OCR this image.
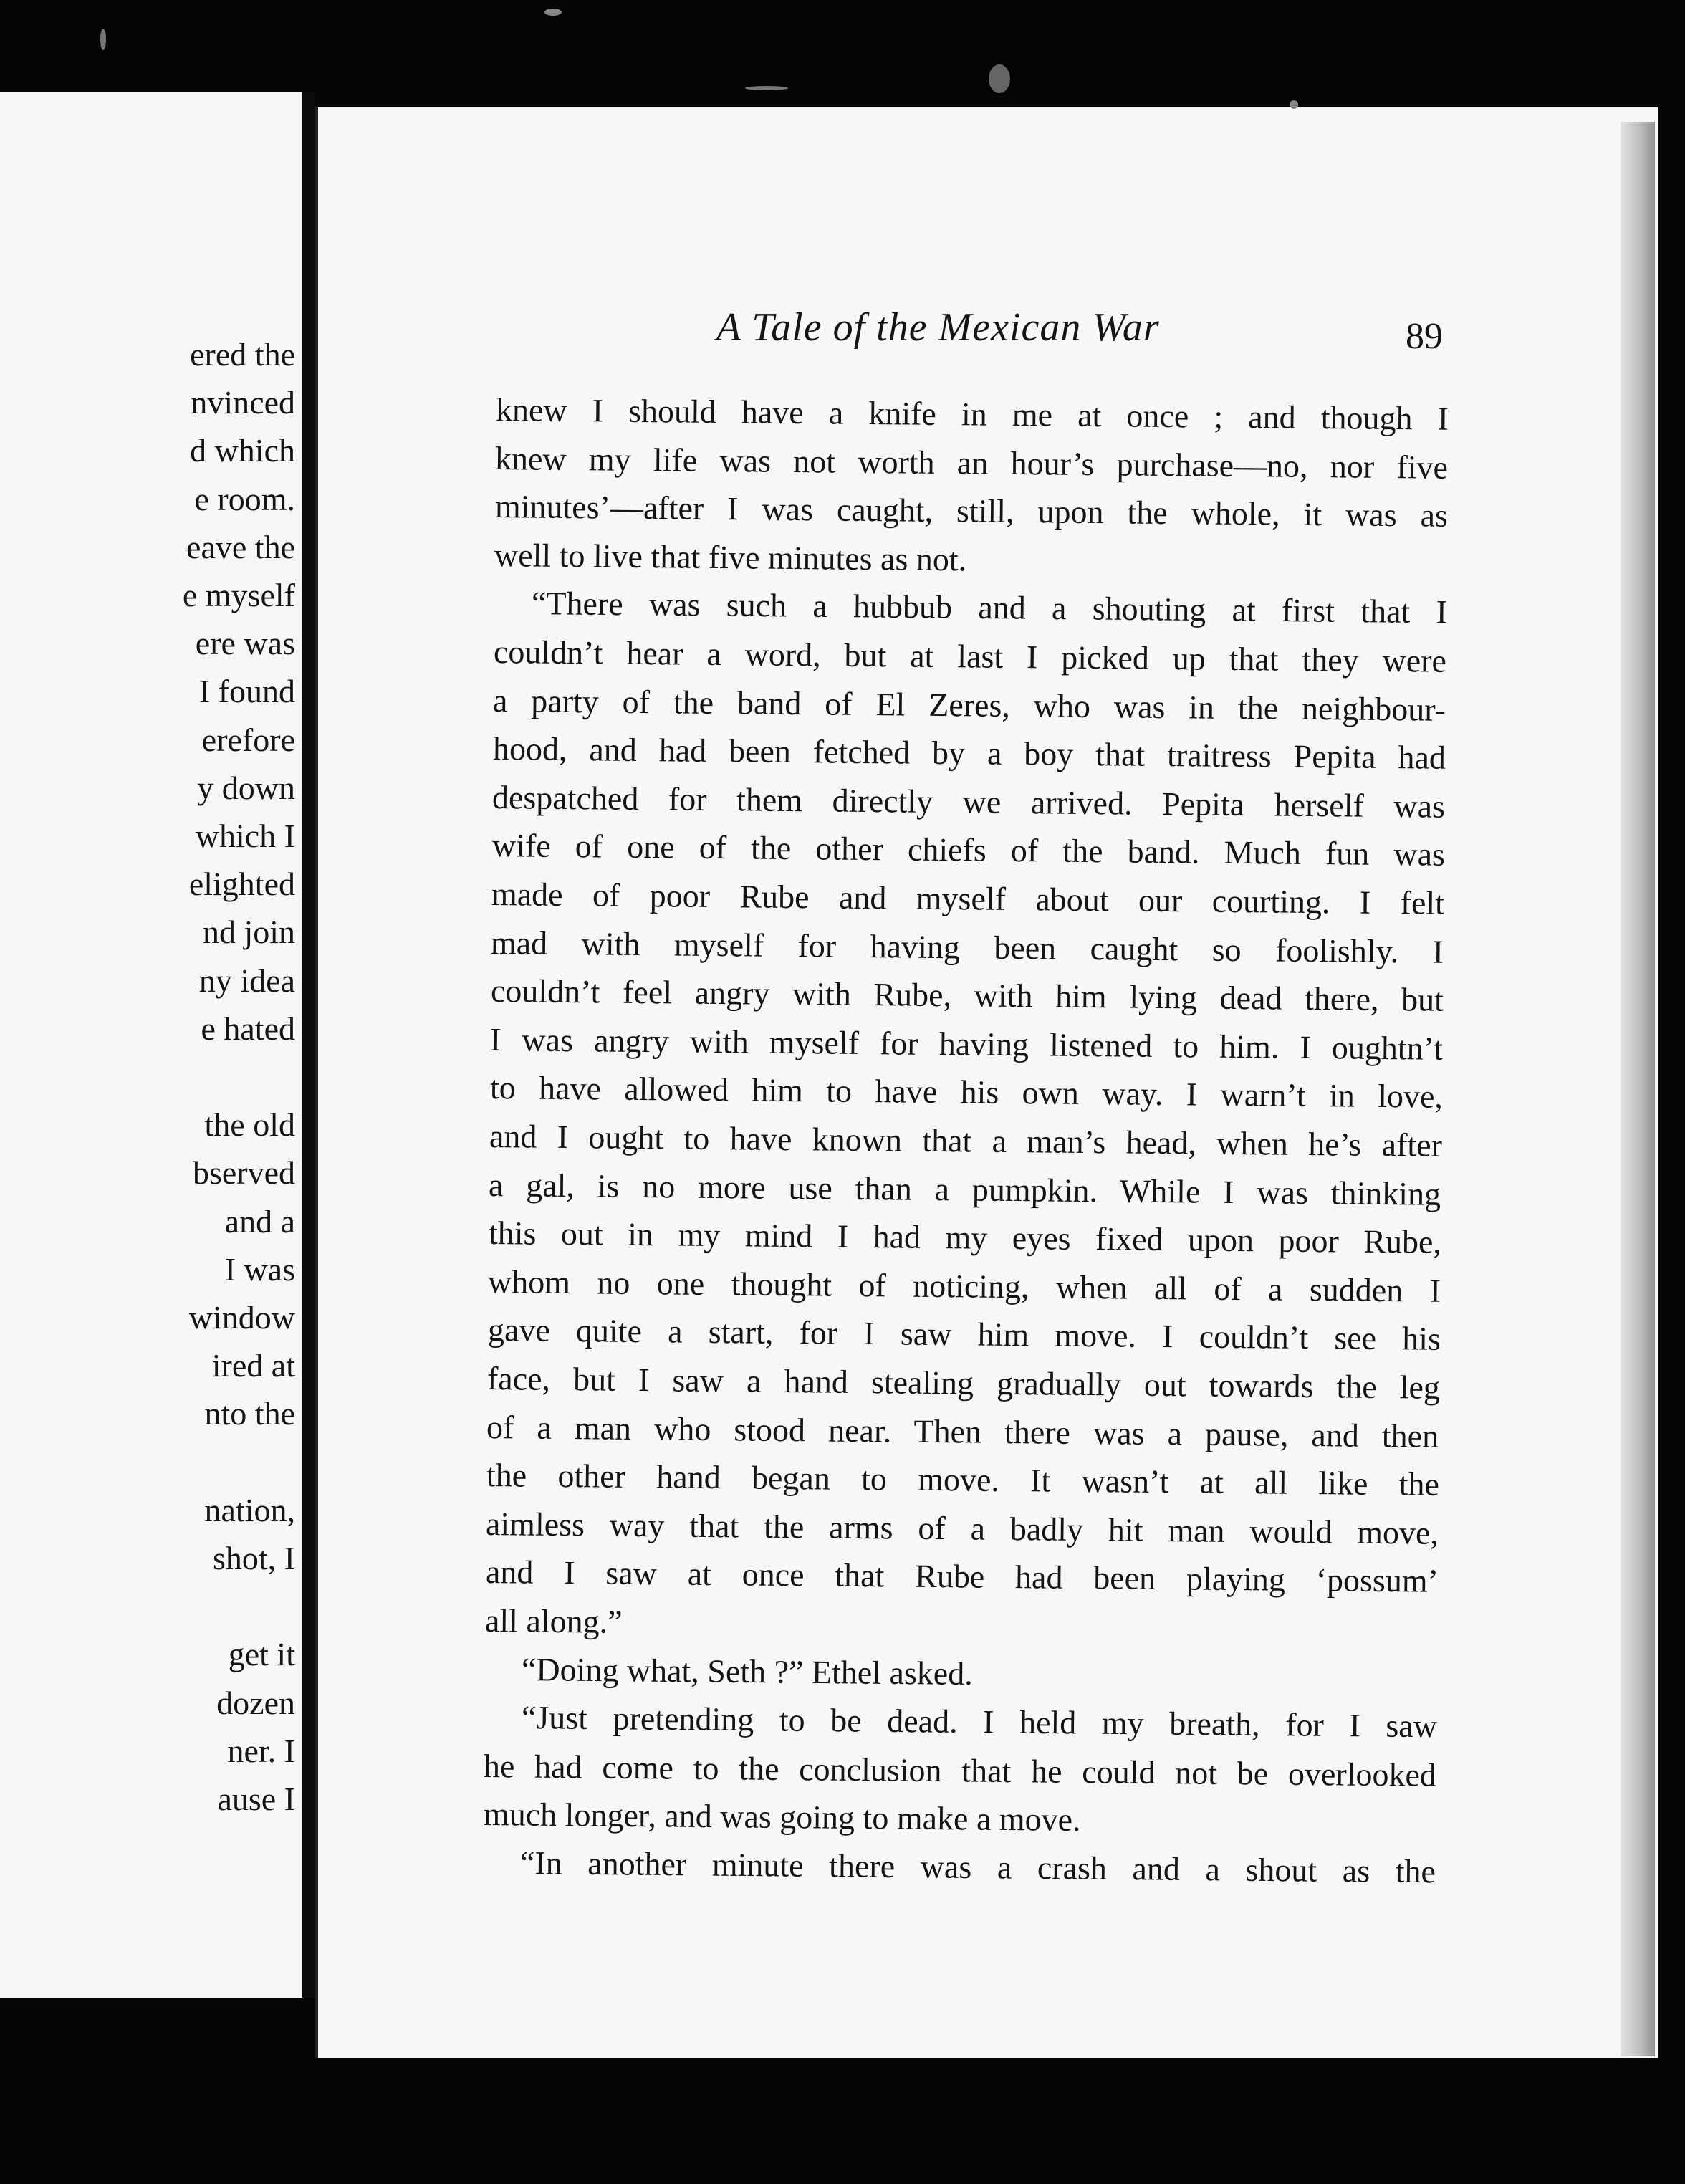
ered the
nvinced
d which
e room.
eave the
e myself
ere was
I found
erefore
y down
which I
elighted
nd join
ny idea
e hated
the old
bserved
and a
I was
window
ired at
nto the
nation,
shot, I
get it
dozen
ner. I
ause I
A Tale of the Mexican War	89
knew I should have a knife in me at once ; and though I
knew my life was not worth an hour’s purchase—no, nor five
minutes’—after I was caught, still, upon the whole, it was as
well to live that five minutes as not.
“There was such a hubbub and a shouting at first that I
couldn’t hear a word, but at last I picked up that they were
a party of the band of El Zeres, who was in the neighbour-
hood, and had been fetched by a boy that traitress Pepita had
despatched for them directly we arrived. Pepita herself was
wife of one of the other chiefs of the band. Much fun was
made of poor Rube and myself about our courting. I felt
mad with myself for having been caught so foolishly. I
couldn’t feel angry with Rube, with him lying dead there, but
I was angry with myself for having listened to him. I oughtn’t
to have allowed him to have his own way. I warn’t in love,
and I ought to have known that a man’s head, when he’s after
a gal, is no more use than a pumpkin. While I was thinking
this out in my mind I had my eyes fixed upon poor Rube,
whom no one thought of noticing, when all of a sudden I
gave quite a start, for I saw him move. I couldn’t see his
face, but I saw a hand stealing gradually out towards the leg
of a man who stood near. Then there was a pause, and then
the other hand began to move. It wasn’t at all like the
aimless way that the arms of a badly hit man would move,
and I saw at once that Rube had been playing ‘possum’
all along.”
“Doing what, Seth ?” Ethel asked.
“Just pretending to be dead. I held my breath, for I saw
he had come to the conclusion that he could not be overlooked
much longer, and was going to make a move.
“In another minute there was a crash and a shout as the
